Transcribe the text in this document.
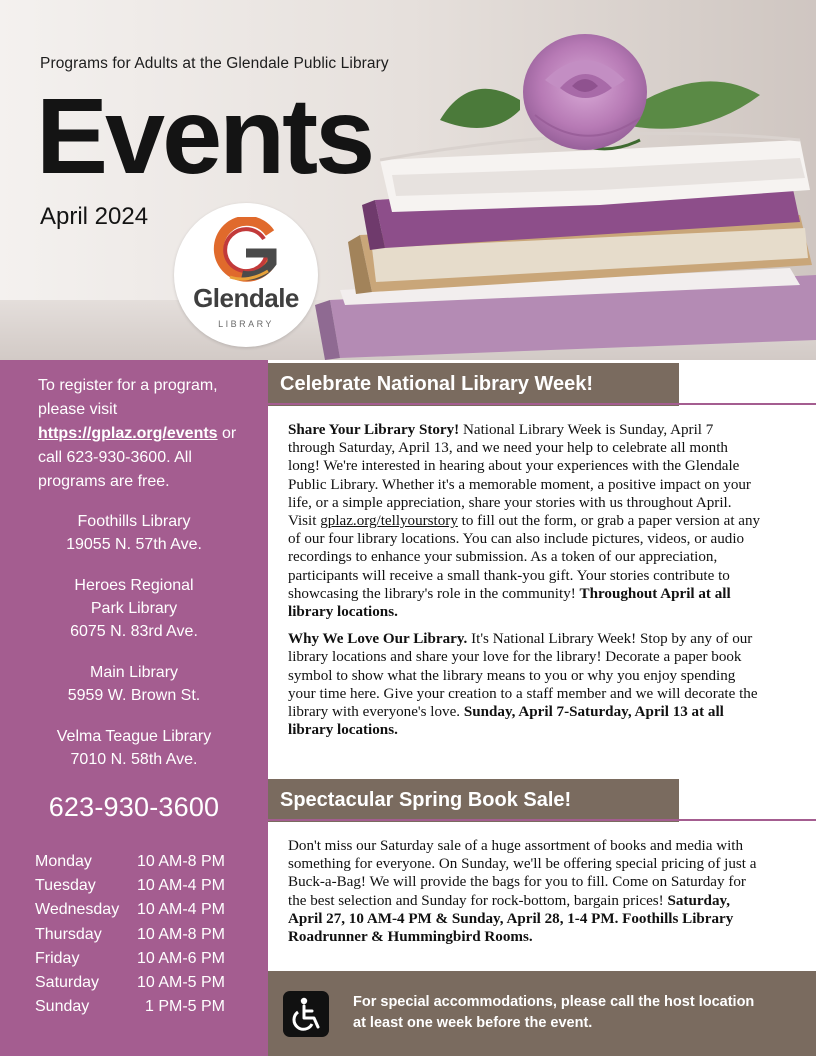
Programs for Adults at the Glendale Public Library
Events
April 2024
Glendale
LIBRARY
To register for a program, please visit https://gplaz.org/events or call 623-930-3600. All programs are free.
Foothills Library
19055 N. 57th Ave.
Heroes Regional
Park Library
6075 N. 83rd Ave.
Main Library
5959 W. Brown St.
Velma Teague Library
7010 N. 58th Ave.
623-930-3600
Monday	10 AM-8 PM
Tuesday	10 AM-4 PM
Wednesday	10 AM-4 PM
Thursday	10 AM-8 PM
Friday	10 AM-6 PM
Saturday	10 AM-5 PM
Sunday	1 PM-5 PM
Celebrate National Library Week!

Share Your Library Story! National Library Week is Sunday, April 7 through Saturday, April 13, and we need your help to celebrate all month long! We're interested in hearing about your experiences with the Glendale Public Library. Whether it's a memorable moment, a positive impact on your life, or a simple appreciation, share your stories with us throughout April. Visit gplaz.org/tellyourstory to fill out the form, or grab a paper version at any of our four library locations. You can also include pictures, videos, or audio recordings to enhance your submission. As a token of our appreciation, participants will receive a small thank-you gift. Your stories contribute to showcasing the library's role in the community! Throughout April at all library locations.

Why We Love Our Library. It's National Library Week! Stop by any of our library locations and share your love for the library! Decorate a paper book symbol to show what the library means to you or why you enjoy spending your time here. Give your creation to a staff member and we will decorate the library with everyone's love. Sunday, April 7-Saturday, April 13 at all library locations.

Spectacular Spring Book Sale!

Don't miss our Saturday sale of a huge assortment of books and media with something for everyone. On Sunday, we'll be offering special pricing of just a Buck-a-Bag! We will provide the bags for you to fill. Come on Saturday for the best selection and Sunday for rock-bottom, bargain prices! Saturday, April 27, 10 AM-4 PM & Sunday, April 28, 1-4 PM. Foothills Library Roadrunner & Hummingbird Rooms.

For special accommodations, please call the host location at least one week before the event.
